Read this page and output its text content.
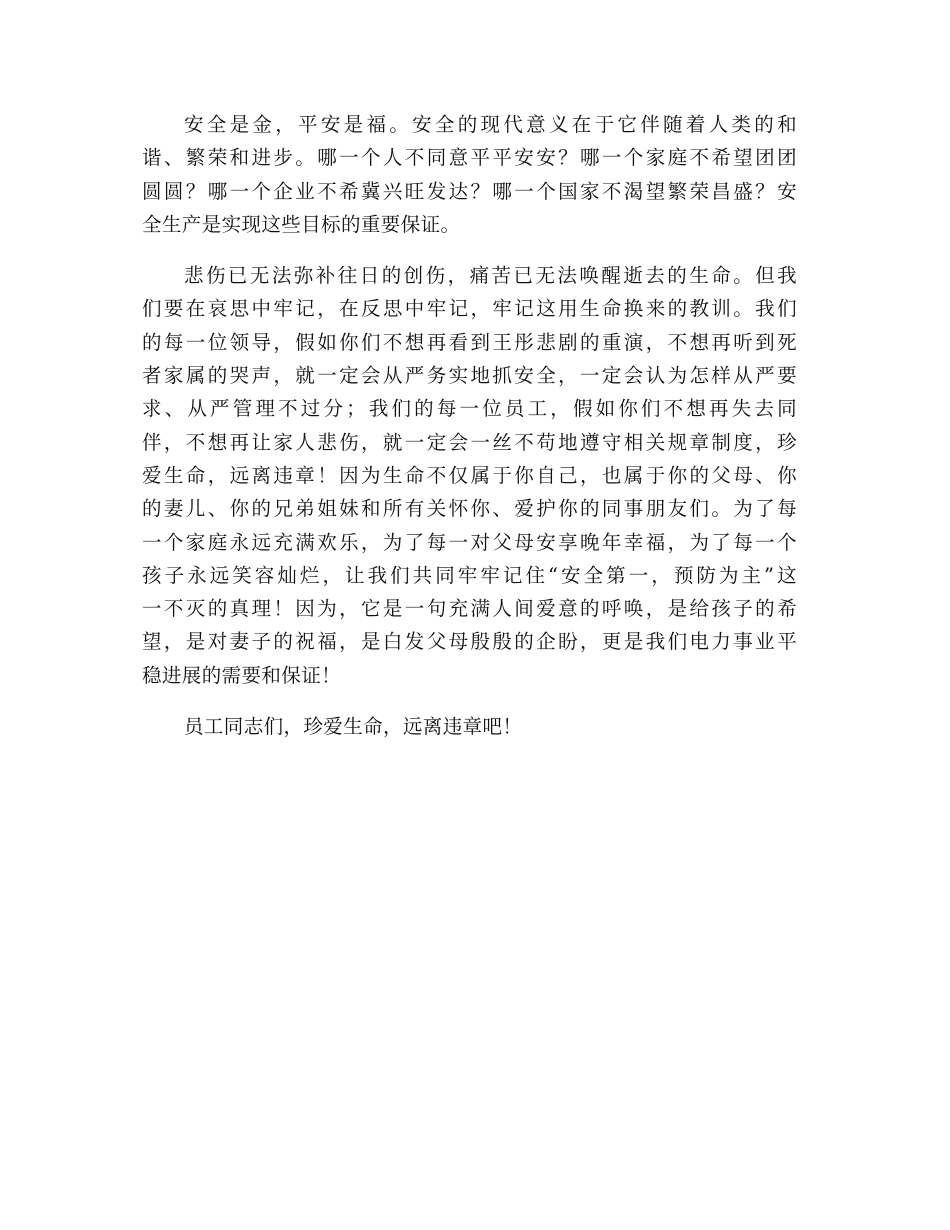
安全是金，平安是福。安全的现代意义在于它伴随着人类的和
谐、繁荣和进步。哪一个人不同意平平安安？哪一个家庭不希望团团
圆圆？哪一个企业不希冀兴旺发达？哪一个国家不渴望繁荣昌盛？安
全生产是实现这些目标的重要保证。

悲伤已无法弥补往日的创伤，痛苦已无法唤醒逝去的生命。但我
们要在哀思中牢记，在反思中牢记，牢记这用生命换来的教训。我们
的每一位领导，假如你们不想再看到王彤悲剧的重演，不想再听到死
者家属的哭声，就一定会从严务实地抓安全，一定会认为怎样从严要
求、从严管理不过分；我们的每一位员工，假如你们不想再失去同
伴，不想再让家人悲伤，就一定会一丝不苟地遵守相关规章制度，珍
爱生命，远离违章！因为生命不仅属于你自己，也属于你的父母、你
的妻儿、你的兄弟姐妹和所有关怀你、爱护你的同事朋友们。为了每
一个家庭永远充满欢乐，为了每一对父母安享晚年幸福，为了每一个
孩子永远笑容灿烂，让我们共同牢牢记住“安全第一，预防为主”这
一不灭的真理！因为，它是一句充满人间爱意的呼唤，是给孩子的希
望，是对妻子的祝福，是白发父母殷殷的企盼，更是我们电力事业平
稳进展的需要和保证！

员工同志们，珍爱生命，远离违章吧！
